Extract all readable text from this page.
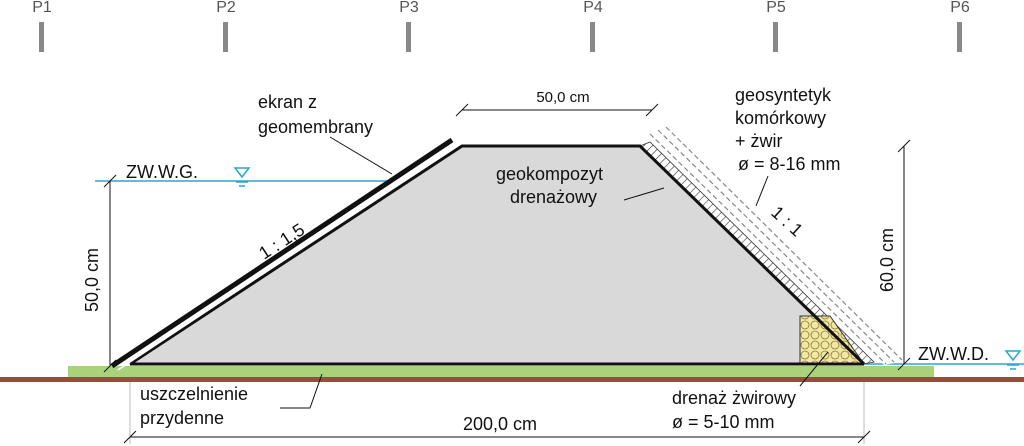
P1	P2	P3	P4	P5	P6
50,0 cm
50,0 cm
60,0 cm
200,0 cm
ekran z
geomembrany
ZW.W.G.
1 : 1,5
geokompozyt
drenażowy
geosyntetyk
komórkowy
+ żwir
ø = 8-16 mm
1 : 1
ZW.W.D.
drenaż żwirowy
ø = 5-10 mm
uszczelnienie
przydenne
